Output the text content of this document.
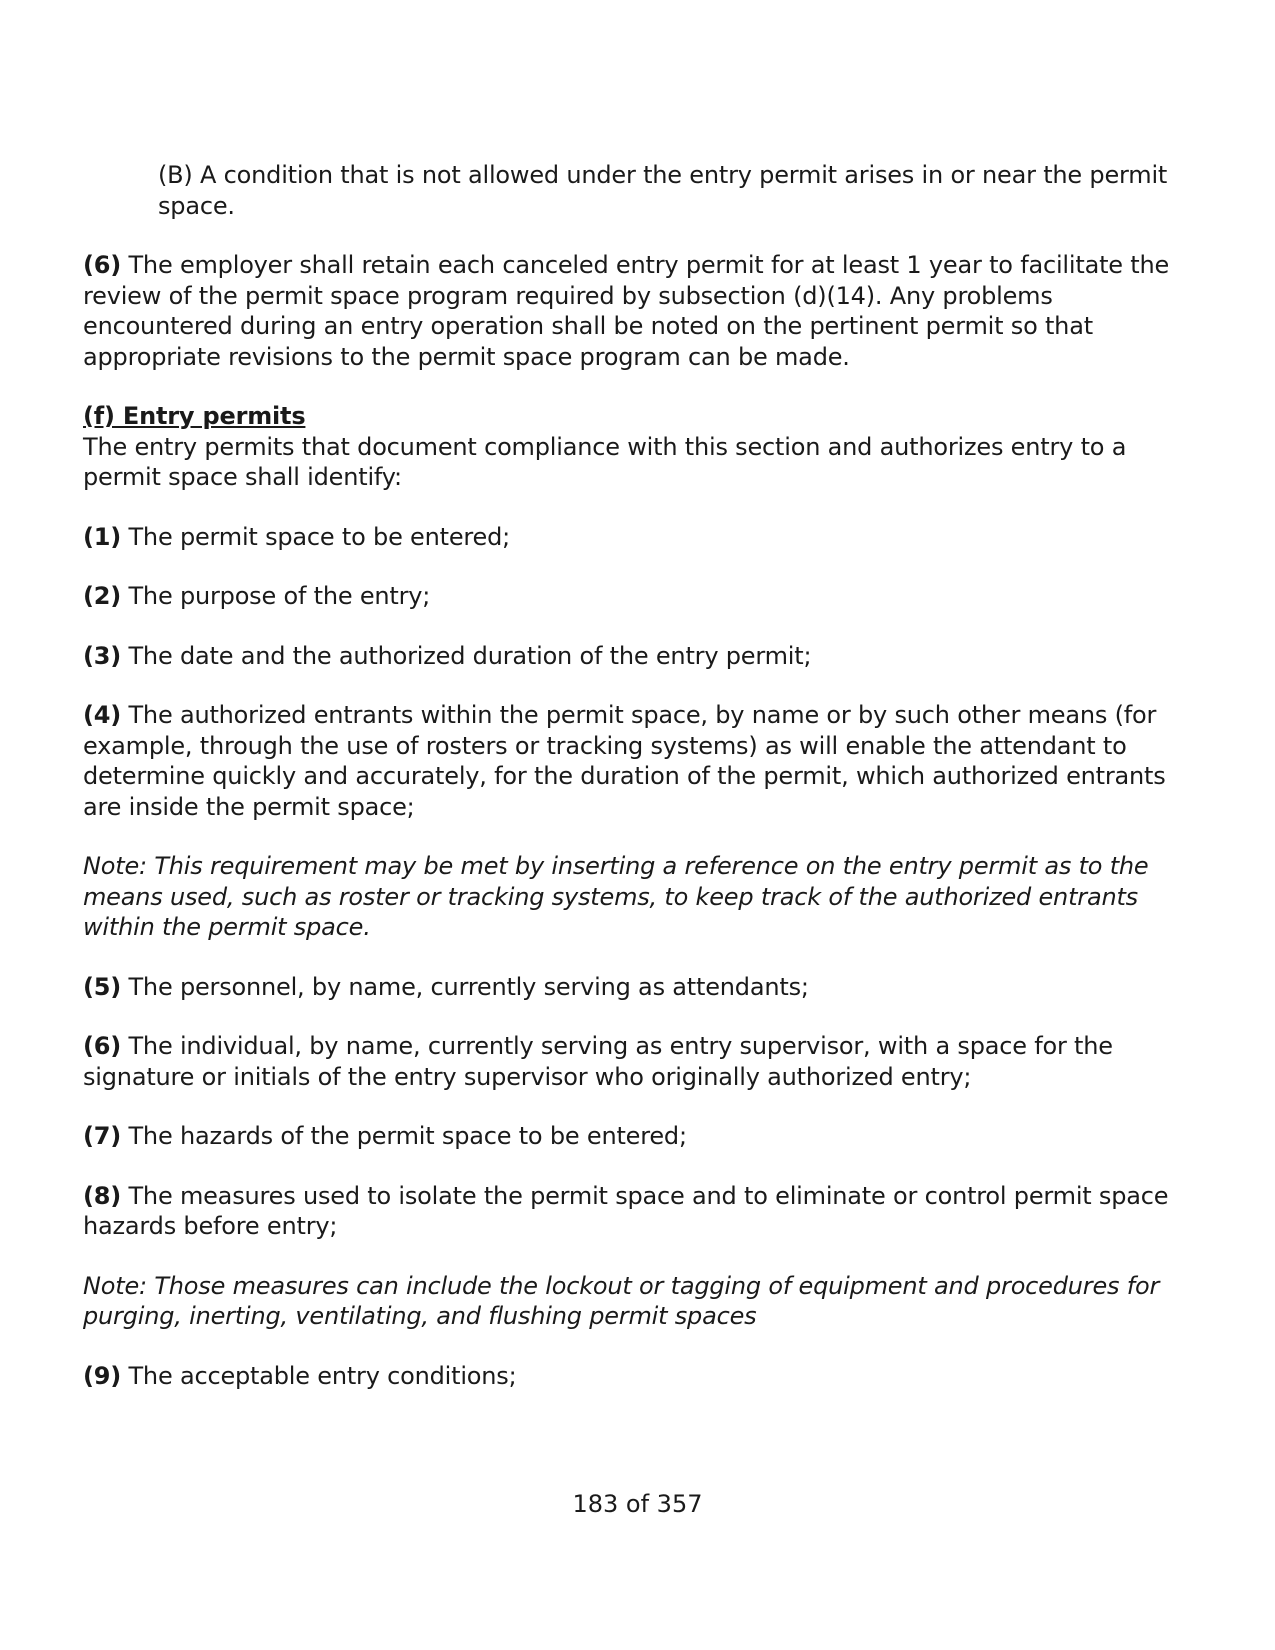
(B) A condition that is not allowed under the entry permit arises in or near the permit space.

(6) The employer shall retain each canceled entry permit for at least 1 year to facilitate the review of the permit space program required by subsection (d)(14). Any problems encountered during an entry operation shall be noted on the pertinent permit so that appropriate revisions to the permit space program can be made.

(f) Entry permits
The entry permits that document compliance with this section and authorizes entry to a permit space shall identify:

(1) The permit space to be entered;

(2) The purpose of the entry;

(3) The date and the authorized duration of the entry permit;

(4) The authorized entrants within the permit space, by name or by such other means (for example, through the use of rosters or tracking systems) as will enable the attendant to determine quickly and accurately, for the duration of the permit, which authorized entrants are inside the permit space;

Note: This requirement may be met by inserting a reference on the entry permit as to the means used, such as roster or tracking systems, to keep track of the authorized entrants within the permit space.

(5) The personnel, by name, currently serving as attendants;

(6) The individual, by name, currently serving as entry supervisor, with a space for the signature or initials of the entry supervisor who originally authorized entry;

(7) The hazards of the permit space to be entered;

(8) The measures used to isolate the permit space and to eliminate or control permit space hazards before entry;

Note: Those measures can include the lockout or tagging of equipment and procedures for purging, inerting, ventilating, and flushing permit spaces

(9) The acceptable entry conditions;

183 of 357
